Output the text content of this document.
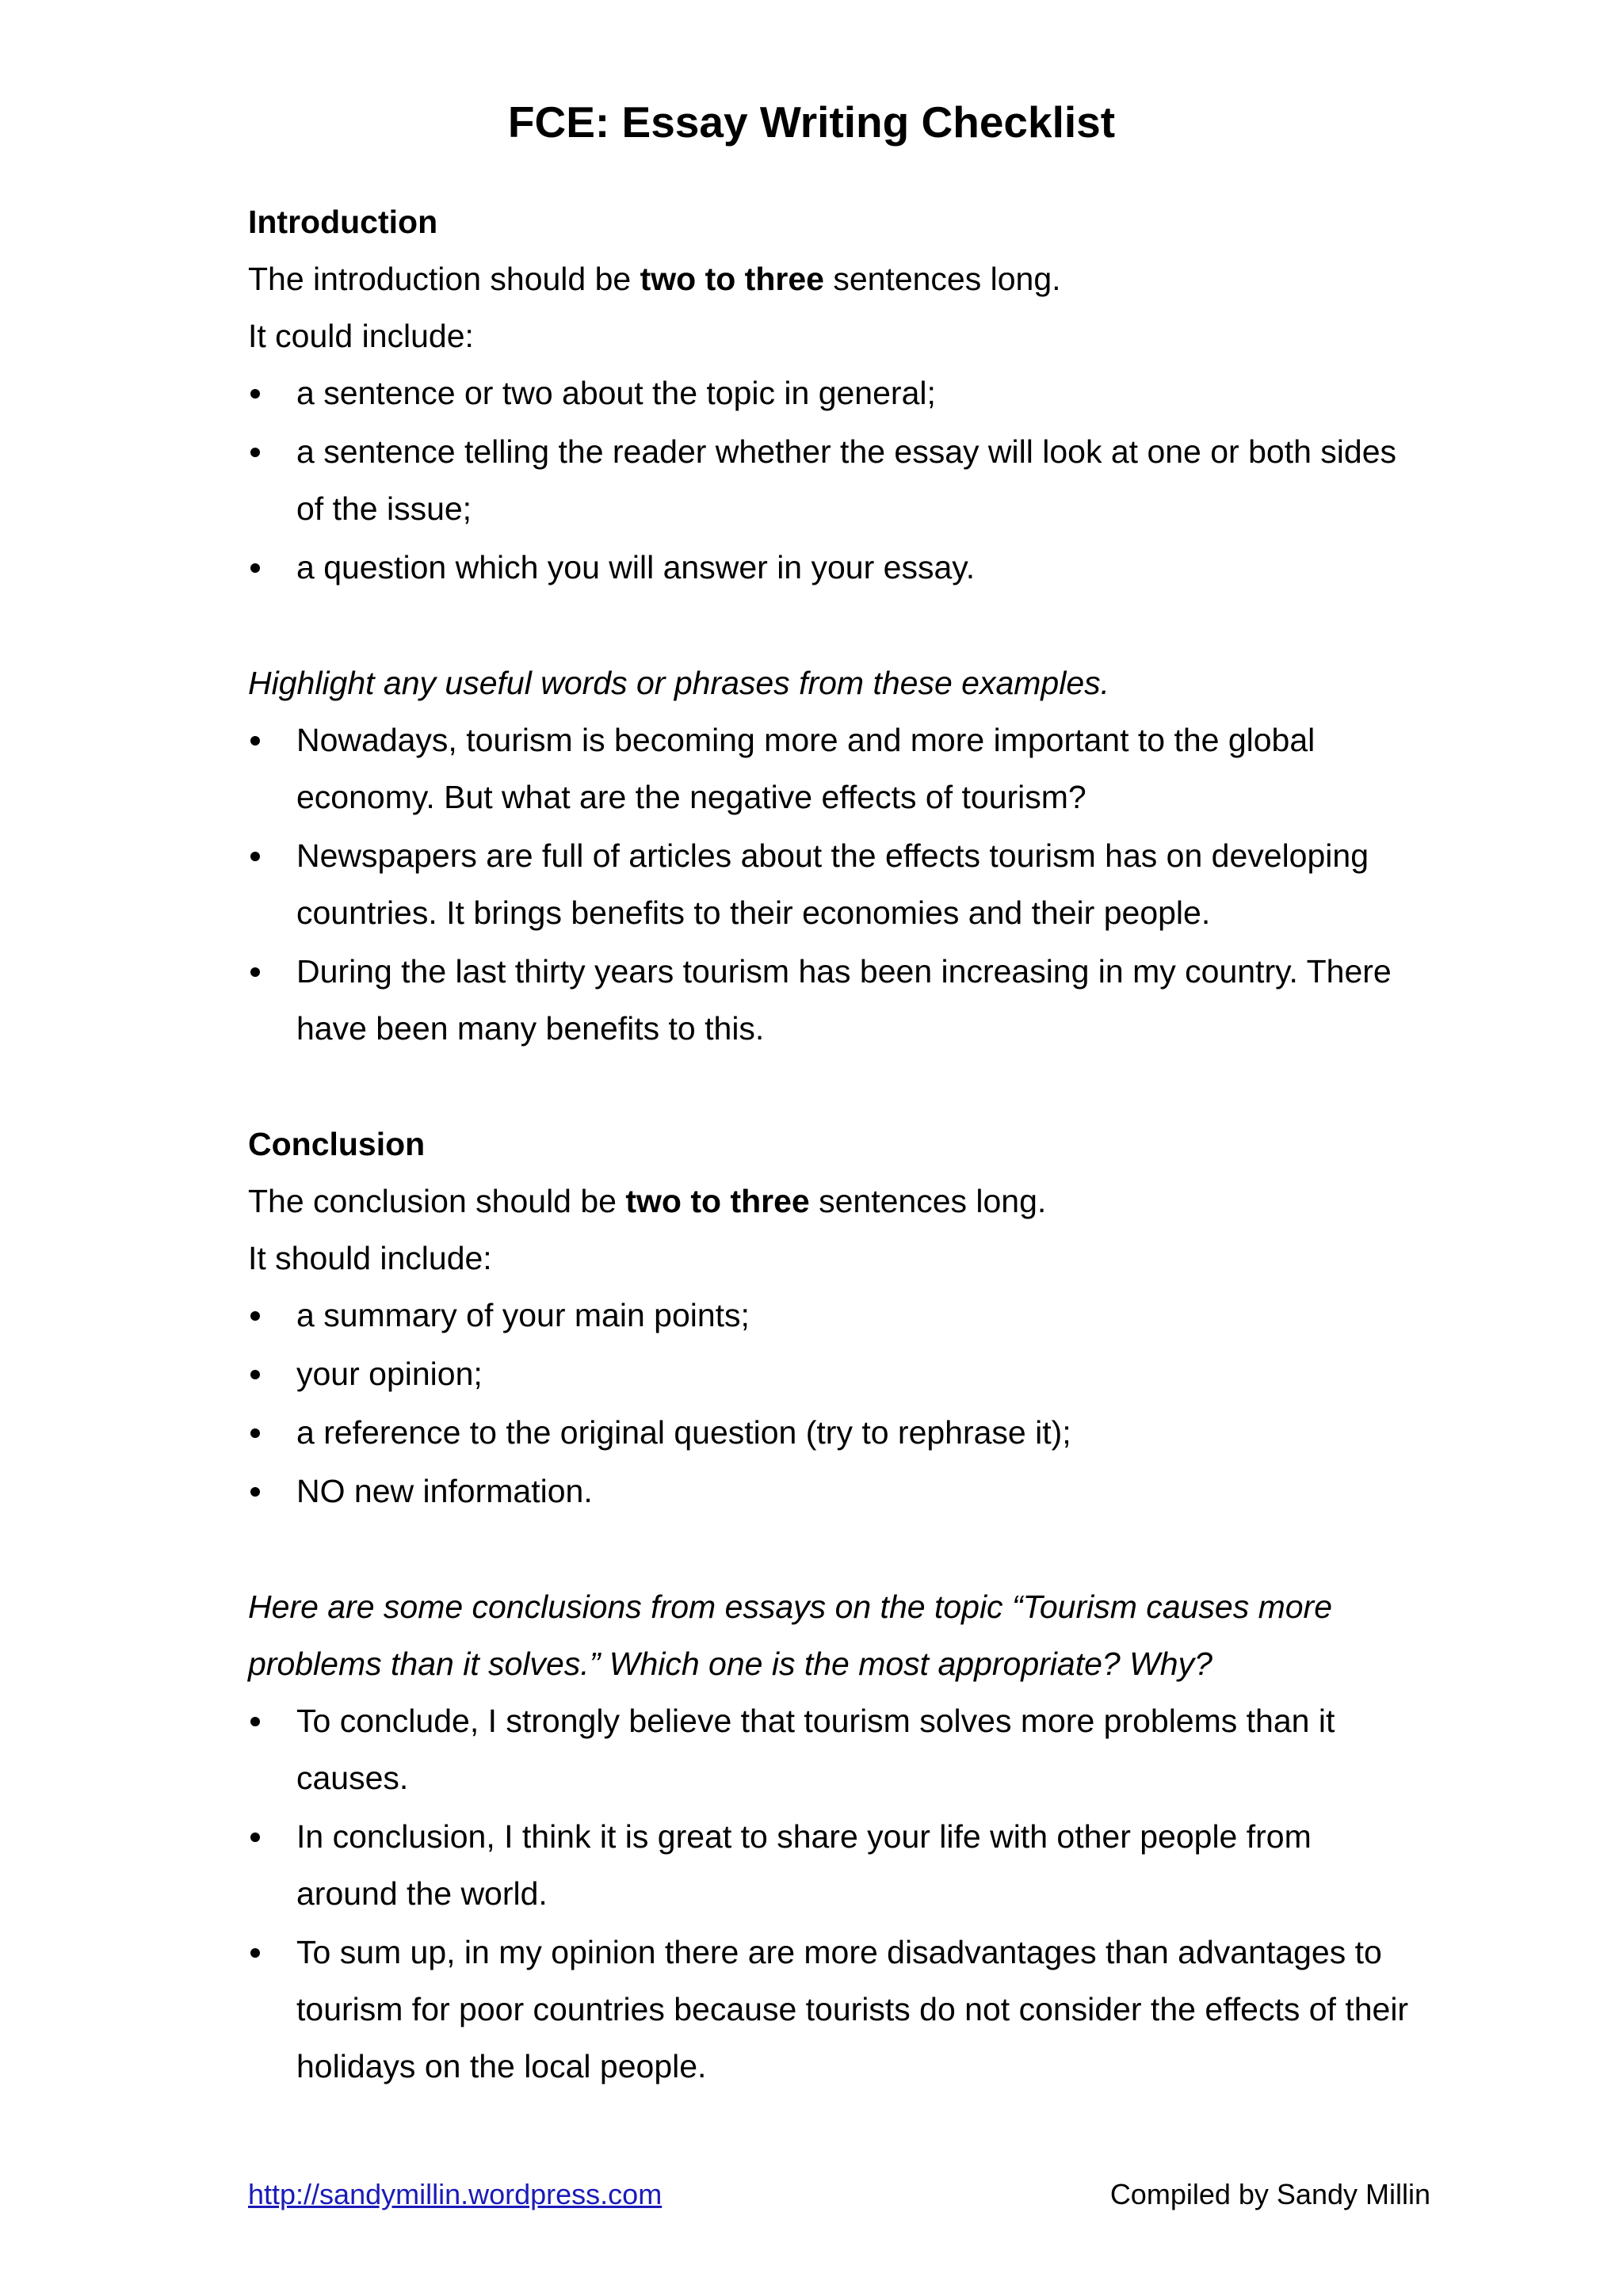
FCE: Essay Writing Checklist

Introduction

The introduction should be two to three sentences long.

It could include:

a sentence or two about the topic in general;
a sentence telling the reader whether the essay will look at one or both sides of the issue;
a question which you will answer in your essay.

Highlight any useful words or phrases from these examples.

Nowadays, tourism is becoming more and more important to the global economy. But what are the negative effects of tourism?
Newspapers are full of articles about the effects tourism has on developing countries. It brings benefits to their economies and their people.
During the last thirty years tourism has been increasing in my country. There have been many benefits to this.

Conclusion

The conclusion should be two to three sentences long.

It should include:

a summary of your main points;
your opinion;
a reference to the original question (try to rephrase it);
NO new information.

Here are some conclusions from essays on the topic “Tourism causes more problems than it solves.” Which one is the most appropriate? Why?

To conclude, I strongly believe that tourism solves more problems than it causes.
In conclusion, I think it is great to share your life with other people from around the world.
To sum up, in my opinion there are more disadvantages than advantages to tourism for poor countries because tourists do not consider the effects of their holidays on the local people.
http://sandymillin.wordpress.com	Compiled by Sandy Millin
